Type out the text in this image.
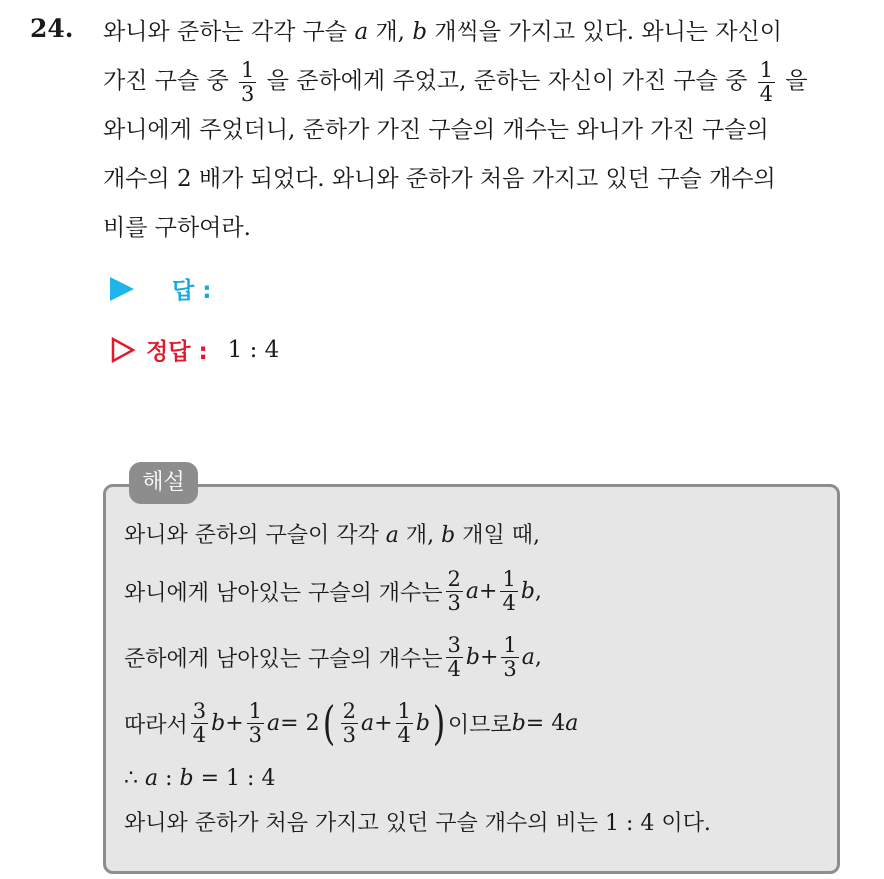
24. 와니와 준하는 각각 구슬 a 개, b 개씩을 가지고 있다. 와니는 자신이
가진 구슬 중 $\frac{1}{3}$ 을 준하에게 주었고, 준하는 자신이 가진 구슬 중 $\frac{1}{4}$ 을
와니에게 주었더니, 준하가 가진 구슬의 개수는 와니가 가진 구슬의
개수의 2 배가 되었다. 와니와 준하가 처음 가지고 있던 구슬 개수의
비를 구하여라.
답 :
정답 : 1 : 4
해설
와니와 준하의 구슬이 각각 a 개, b 개일 때,
와니에게 남아있는 구슬의 개수는 $\frac{2}{3}$ $a + \frac{1}{4}$ b ,
준하에게 남아있는 구슬의 개수는 $\frac{3}{4}$ $b + \frac{1}{3}$ a ,
따라서 $\frac{3}{4}$ $b + \frac{1}{3}$ a = 2 ( $\frac{2}{3}$ $a + \frac{1}{4}$ b ) 이므로 b = 4 a
∴ a : b = 1 : 4
와니와 준하가 처음 가지고 있던 구슬 개수의 비는 1 : 4 이다.
